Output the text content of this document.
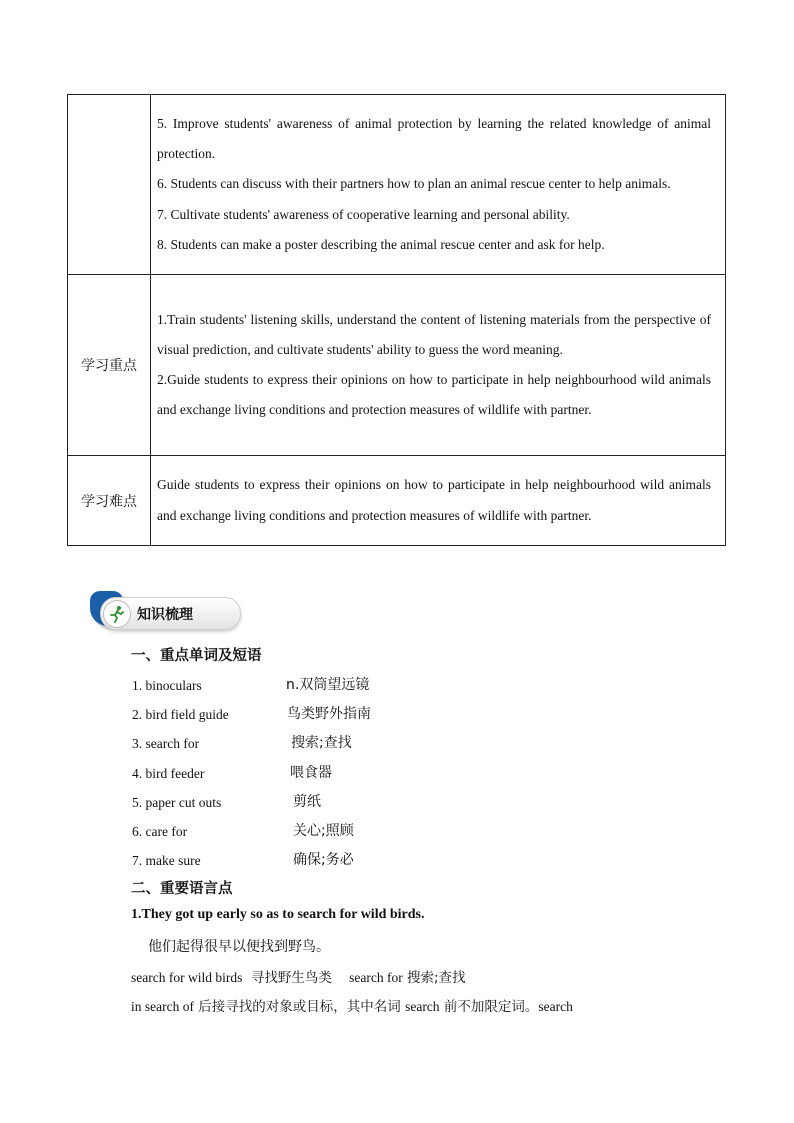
	5. Improve students' awareness of animal protection by learning the related knowledge of animal protection.

6. Students can discuss with their partners how to plan an animal rescue center to help animals.

7. Cultivate students' awareness of cooperative learning and personal ability.

8. Students can make a poster describing the animal rescue center and ask for help.

学习重点	1.Train students' listening skills, understand the content of listening materials from the perspective of visual prediction, and cultivate students' ability to guess the word meaning.

2.Guide students to express their opinions on how to participate in help neighbourhood wild animals and exchange living conditions and protection measures of wildlife with partner.

学习难点	Guide students to express their opinions on how to participate in help neighbourhood wild animals and exchange living conditions and protection measures of wildlife with partner.

知识梳理
一、重点单词及短语
1. binoculars	n.双筒望远镜
2. bird field guide	鸟类野外指南
3. search for	搜索;查找
4. bird feeder	喂食器
5. paper cut outs	剪纸
6. care for	关心;照顾
7. make sure	确保;务必
二、重要语言点
1.They got up early so as to search for wild birds.
他们起得很早以便找到野鸟。
search for wild birds 寻找野生鸟类 search for 搜索;查找
in search of 后接寻找的对象或目标，其中名词 search 前不加限定词。search
